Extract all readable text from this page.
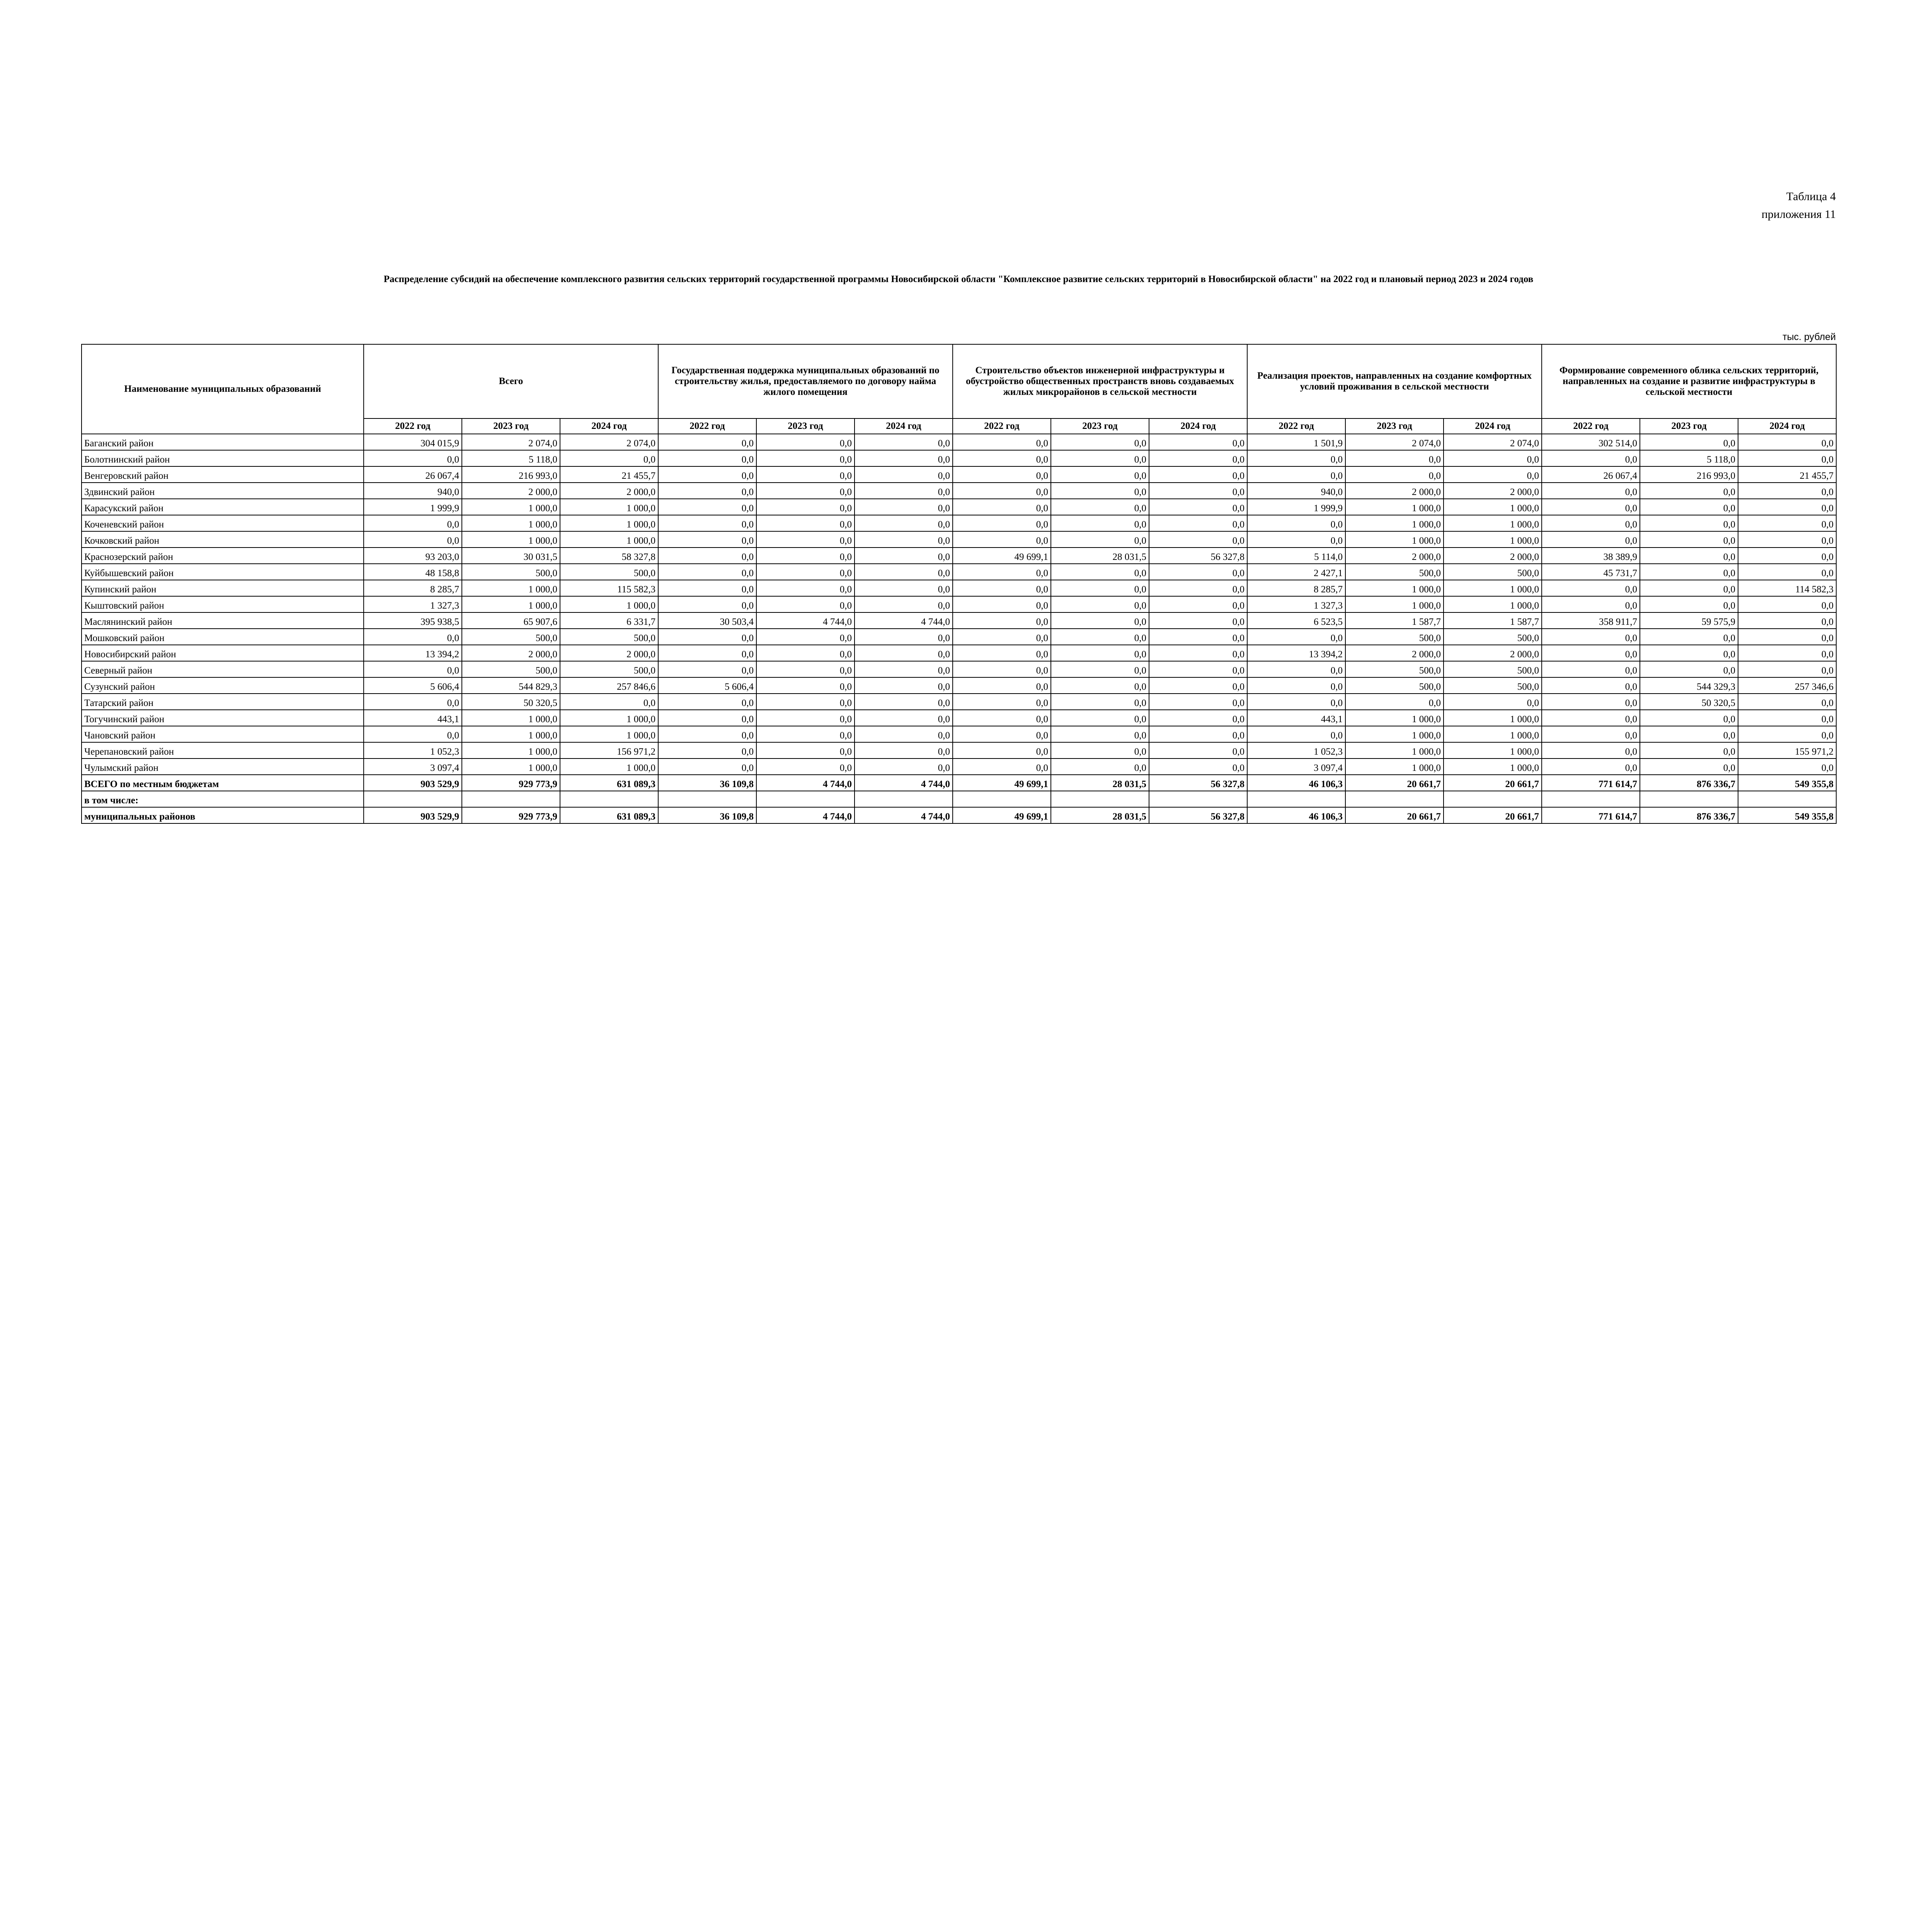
Таблица 4
приложения 11
Распределение субсидий на обеспечение комплексного развития сельских территорий государственной программы Новосибирской области "Комплексное развитие сельских территорий в Новосибирской области" на 2022 год и плановый период 2023 и 2024 годов
тыс. рублей
Наименование муниципальных образований	Всего			Государственная поддержка муниципальных образований по строительству жилья, предоставляемого по договору найма жилого помещения			Строительство объектов инженерной инфраструктуры и обустройство общественных пространств вновь создаваемых жилых микрорайонов в сельской местности			Реализация проектов, направленных на создание комфортных условий проживания в сельской местности			Формирование современного облика сельских территорий, направленных на создание и развитие инфраструктуры в сельской местности		
	2022 год	2023 год	2024 год	2022 год	2023 год	2024 год	2022 год	2023 год	2024 год	2022 год	2023 год	2024 год	2022 год	2023 год	2024 год
Баганский район	304 015,9	2 074,0	2 074,0	0,0	0,0	0,0	0,0	0,0	0,0	1 501,9	2 074,0	2 074,0	302 514,0	0,0	0,0
Болотнинский район	0,0	5 118,0	0,0	0,0	0,0	0,0	0,0	0,0	0,0	0,0	0,0	0,0	0,0	5 118,0	0,0
Венгеровский район	26 067,4	216 993,0	21 455,7	0,0	0,0	0,0	0,0	0,0	0,0	0,0	0,0	0,0	26 067,4	216 993,0	21 455,7
Здвинский район	940,0	2 000,0	2 000,0	0,0	0,0	0,0	0,0	0,0	0,0	940,0	2 000,0	2 000,0	0,0	0,0	0,0
Карасукский район	1 999,9	1 000,0	1 000,0	0,0	0,0	0,0	0,0	0,0	0,0	1 999,9	1 000,0	1 000,0	0,0	0,0	0,0
Коченевский район	0,0	1 000,0	1 000,0	0,0	0,0	0,0	0,0	0,0	0,0	0,0	1 000,0	1 000,0	0,0	0,0	0,0
Кочковский район	0,0	1 000,0	1 000,0	0,0	0,0	0,0	0,0	0,0	0,0	0,0	1 000,0	1 000,0	0,0	0,0	0,0
Краснозерский район	93 203,0	30 031,5	58 327,8	0,0	0,0	0,0	49 699,1	28 031,5	56 327,8	5 114,0	2 000,0	2 000,0	38 389,9	0,0	0,0
Куйбышевский район	48 158,8	500,0	500,0	0,0	0,0	0,0	0,0	0,0	0,0	2 427,1	500,0	500,0	45 731,7	0,0	0,0
Купинский район	8 285,7	1 000,0	115 582,3	0,0	0,0	0,0	0,0	0,0	0,0	8 285,7	1 000,0	1 000,0	0,0	0,0	114 582,3
Кыштовский район	1 327,3	1 000,0	1 000,0	0,0	0,0	0,0	0,0	0,0	0,0	1 327,3	1 000,0	1 000,0	0,0	0,0	0,0
Маслянинский район	395 938,5	65 907,6	6 331,7	30 503,4	4 744,0	4 744,0	0,0	0,0	0,0	6 523,5	1 587,7	1 587,7	358 911,7	59 575,9	0,0
Мошковский район	0,0	500,0	500,0	0,0	0,0	0,0	0,0	0,0	0,0	0,0	500,0	500,0	0,0	0,0	0,0
Новосибирский район	13 394,2	2 000,0	2 000,0	0,0	0,0	0,0	0,0	0,0	0,0	13 394,2	2 000,0	2 000,0	0,0	0,0	0,0
Северный район	0,0	500,0	500,0	0,0	0,0	0,0	0,0	0,0	0,0	0,0	500,0	500,0	0,0	0,0	0,0
Сузунский район	5 606,4	544 829,3	257 846,6	5 606,4	0,0	0,0	0,0	0,0	0,0	0,0	500,0	500,0	0,0	544 329,3	257 346,6
Татарский район	0,0	50 320,5	0,0	0,0	0,0	0,0	0,0	0,0	0,0	0,0	0,0	0,0	0,0	50 320,5	0,0
Тогучинский район	443,1	1 000,0	1 000,0	0,0	0,0	0,0	0,0	0,0	0,0	443,1	1 000,0	1 000,0	0,0	0,0	0,0
Чановский район	0,0	1 000,0	1 000,0	0,0	0,0	0,0	0,0	0,0	0,0	0,0	1 000,0	1 000,0	0,0	0,0	0,0
Черепановский район	1 052,3	1 000,0	156 971,2	0,0	0,0	0,0	0,0	0,0	0,0	1 052,3	1 000,0	1 000,0	0,0	0,0	155 971,2
Чулымский район	3 097,4	1 000,0	1 000,0	0,0	0,0	0,0	0,0	0,0	0,0	3 097,4	1 000,0	1 000,0	0,0	0,0	0,0
ВСЕГО по местным бюджетам	903 529,9	929 773,9	631 089,3	36 109,8	4 744,0	4 744,0	49 699,1	28 031,5	56 327,8	46 106,3	20 661,7	20 661,7	771 614,7	876 336,7	549 355,8
в том числе:															
муниципальных районов	903 529,9	929 773,9	631 089,3	36 109,8	4 744,0	4 744,0	49 699,1	28 031,5	56 327,8	46 106,3	20 661,7	20 661,7	771 614,7	876 336,7	549 355,8
